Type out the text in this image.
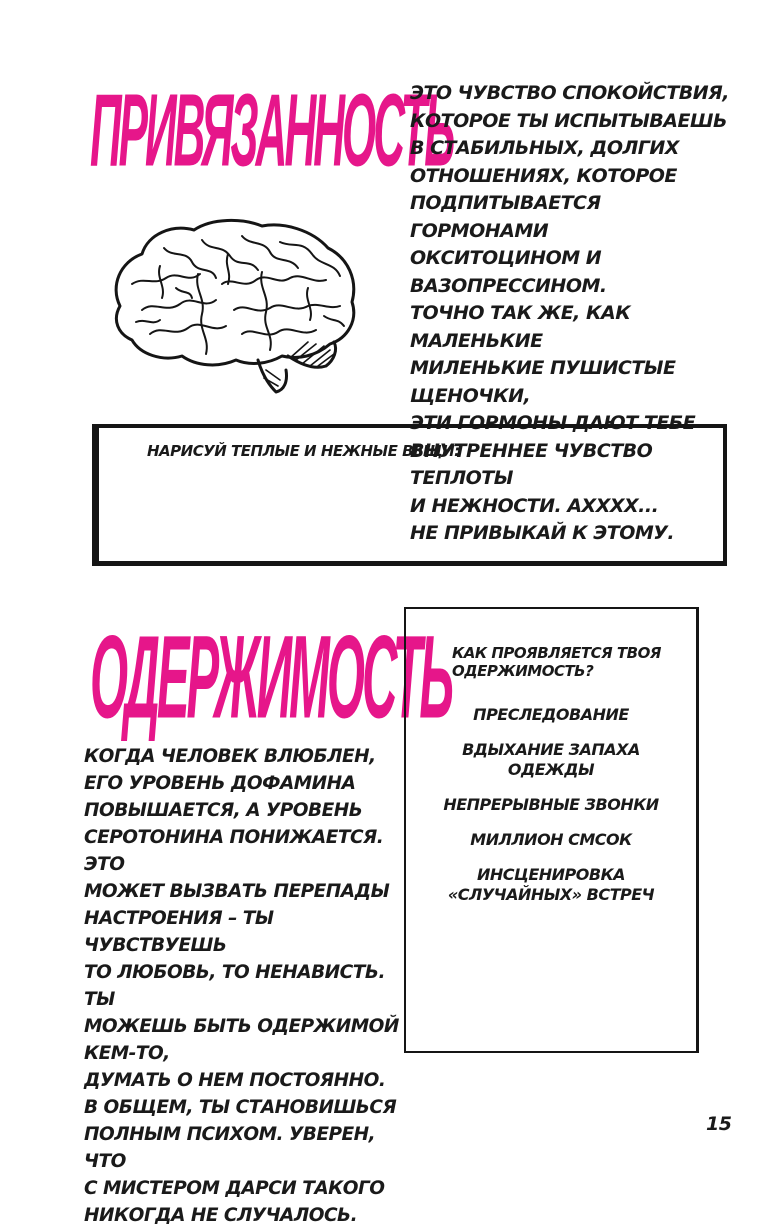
ПРИВЯЗАННОСТЬ
ЭТО ЧУВСТВО СПОКОЙСТВИЯ,
КОТОРОЕ ТЫ ИСПЫТЫВАЕШЬ
В СТАБИЛЬНЫХ, ДОЛГИХ
ОТНОШЕНИЯХ, КОТОРОЕ
ПОДПИТЫВАЕТСЯ ГОРМОНАМИ
ОКСИТОЦИНОМ И ВАЗОПРЕССИНОМ.
ТОЧНО ТАК ЖЕ, КАК МАЛЕНЬКИЕ
МИЛЕНЬКИЕ ПУШИСТЫЕ ЩЕНОЧКИ,
ЭТИ ГОРМОНЫ ДАЮТ ТЕБЕ
ВНУТРЕННЕЕ ЧУВСТВО ТЕПЛОТЫ
И НЕЖНОСТИ. АХХХХ...
НЕ ПРИВЫКАЙ К ЭТОМУ.
НАРИСУЙ ТЕПЛЫЕ И НЕЖНЫЕ ВЕЩИ:
ОДЕРЖИМОСТЬ
КОГДА ЧЕЛОВЕК ВЛЮБЛЕН,
ЕГО УРОВЕНЬ ДОФАМИНА
ПОВЫШАЕТСЯ, А УРОВЕНЬ
СЕРОТОНИНА ПОНИЖАЕТСЯ. ЭТО
МОЖЕТ ВЫЗВАТЬ ПЕРЕПАДЫ
НАСТРОЕНИЯ – ТЫ ЧУВСТВУЕШЬ
ТО ЛЮБОВЬ, ТО НЕНАВИСТЬ. ТЫ
МОЖЕШЬ БЫТЬ ОДЕРЖИМОЙ КЕМ-ТО,
ДУМАТЬ О НЕМ ПОСТОЯННО.
В ОБЩЕМ, ТЫ СТАНОВИШЬСЯ
ПОЛНЫМ ПСИХОМ. УВЕРЕН, ЧТО
С МИСТЕРОМ ДАРСИ ТАКОГО
НИКОГДА НЕ СЛУЧАЛОСЬ.
КАК ПРОЯВЛЯЕТСЯ ТВОЯ
ОДЕРЖИМОСТЬ?
ПРЕСЛЕДОВАНИЕ
ВДЫХАНИЕ ЗАПАХА
ОДЕЖДЫ
НЕПРЕРЫВНЫЕ ЗВОНКИ
МИЛЛИОН СМСОК
ИНСЦЕНИРОВКА
«СЛУЧАЙНЫХ» ВСТРЕЧ
15
